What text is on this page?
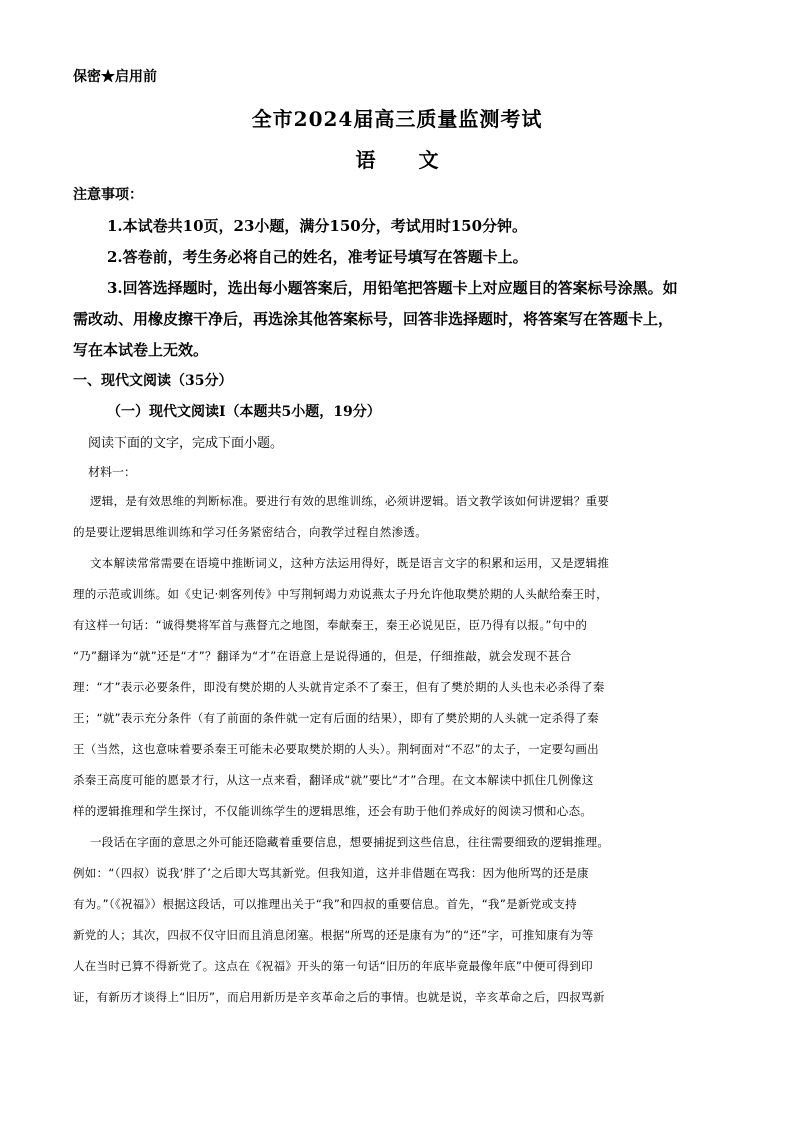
保密★启用前
全市2024届高三质量监测考试
语 文
注意事项：
1.本试卷共10页，23小题，满分150分，考试用时150分钟。
2.答卷前，考生务必将自己的姓名，准考证号填写在答题卡上。
3.回答选择题时，选出每小题答案后，用铅笔把答题卡上对应题目的答案标号涂黑。如
需改动、用橡皮擦干净后，再选涂其他答案标号，回答非选择题时，将答案写在答题卡上，
写在本试卷上无效。
一、现代文阅读（35分）
（一）现代文阅读Ⅰ（本题共5小题，19分）
阅读下面的文字，完成下面小题。
材料一：
逻辑，是有效思维的判断标准。要进行有效的思维训练，必须讲逻辑。语文教学该如何讲逻辑？重要
的是要让逻辑思维训练和学习任务紧密结合，向教学过程自然渗透。
文本解读常常需要在语境中推断词义，这种方法运用得好，既是语言文字的积累和运用，又是逻辑推
理的示范或训练。如《史记·刺客列传》中写荆轲竭力劝说燕太子丹允许他取樊於期的人头献给秦王时，
有这样一句话：“诚得樊将军首与燕督亢之地图，奉献秦王，秦王必说见臣，臣乃得有以报。”句中的
“乃”翻译为“就”还是“才”？翻译为“才”在语意上是说得通的，但是，仔细推敲，就会发现不甚合
理：“才”表示必要条件，即没有樊於期的人头就肯定杀不了秦王，但有了樊於期的人头也未必杀得了秦
王；“就”表示充分条件（有了前面的条件就一定有后面的结果），即有了樊於期的人头就一定杀得了秦
王（当然，这也意味着要杀秦王可能未必要取樊於期的人头）。荆轲面对“不忍”的太子，一定要勾画出
杀秦王高度可能的愿景才行，从这一点来看，翻译成“就”要比“才”合理。在文本解读中抓住几例像这
样的逻辑推理和学生探讨，不仅能训练学生的逻辑思维，还会有助于他们养成好的阅读习惯和心态。
一段话在字面的意思之外可能还隐藏着重要信息，想要捕捉到这些信息，往往需要细致的逻辑推理。
例如：“（四叔）说我‘胖了’之后即大骂其新党。但我知道，这并非借题在骂我：因为他所骂的还是康
有为。”（《祝福》）根据这段话，可以推理出关于“我”和四叔的重要信息。首先，“我”是新党或支持
新党的人；其次，四叔不仅守旧而且消息闭塞。根据“所骂的还是康有为”的“还”字，可推知康有为等
人在当时已算不得新党了。这点在《祝福》开头的第一句话“旧历的年底毕竟最像年底”中便可得到印
证，有新历才谈得上“旧历”，而启用新历是辛亥革命之后的事情。也就是说，辛亥革命之后，四叔骂新
